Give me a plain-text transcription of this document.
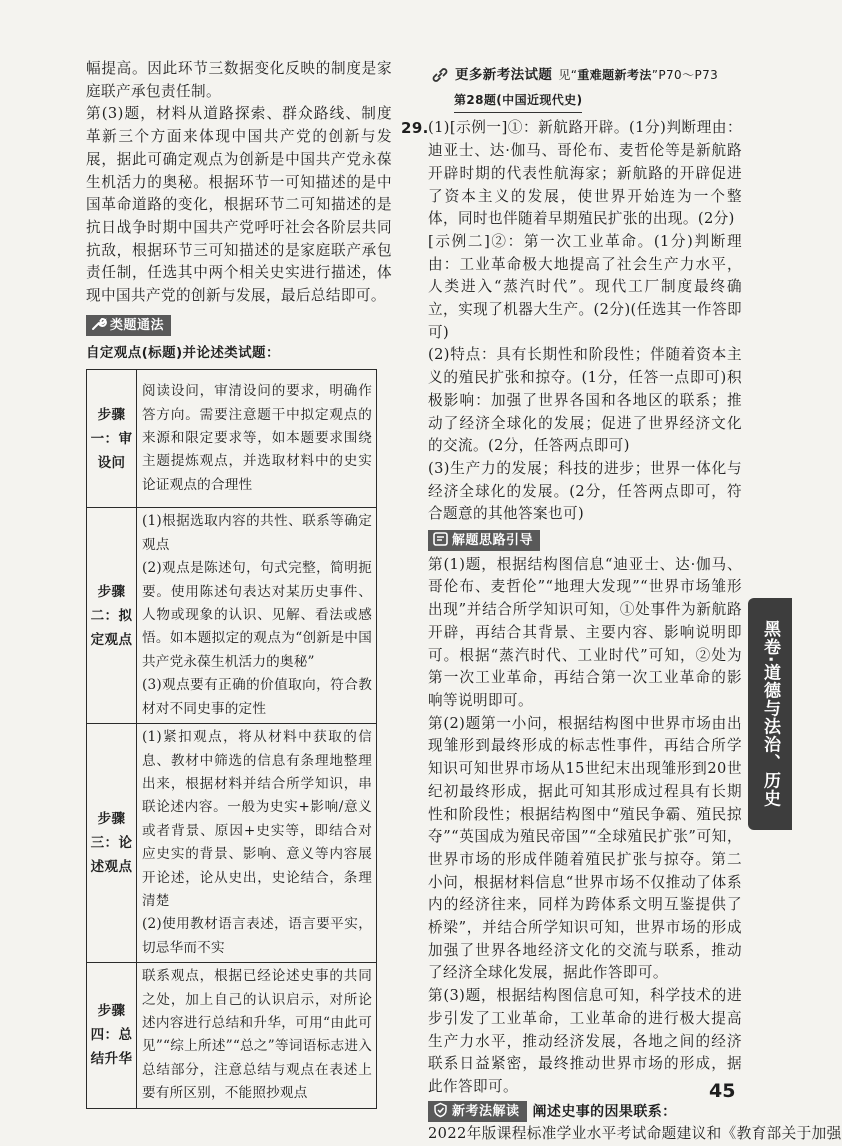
幅提高。因此环节三数据变化反映的制度是家庭联产承包责任制。

第(3)题，材料从道路探索、群众路线、制度革新三个方面来体现中国共产党的创新与发展，据此可确定观点为创新是中国共产党永葆生机活力的奥秘。根据环节一可知描述的是中国革命道路的变化，根据环节二可知描述的是抗日战争时期中国共产党呼吁社会各阶层共同抗敌，根据环节三可知描述的是家庭联产承包责任制，任选其中两个相关史实进行描述，体现中国共产党的创新与发展，最后总结即可。

类题通法
自定观点(标题)并论述类试题：
步骤一：审设问	阅读设问，审清设问的要求，明确作答方向。需要注意题干中拟定观点的来源和限定要求等，如本题要求围绕主题提炼观点，并选取材料中的史实论证观点的合理性

步骤二：拟定观点	(1)根据选取内容的共性、联系等确定观点
(2)观点是陈述句，句式完整，简明扼要。使用陈述句表达对某历史事件、人物或现象的认识、见解、看法或感悟。如本题拟定的观点为“创新是中国共产党永葆生机活力的奥秘”
(3)观点要有正确的价值取向，符合教材对不同史事的定性

步骤三：论述观点	(1)紧扣观点，将从材料中获取的信息、教材中筛选的信息有条理地整理出来，根据材料并结合所学知识，串联论述内容。一般为史实+影响/意义或者背景、原因+史实等，即结合对应史实的背景、影响、意义等内容展开论述，论从史出，史论结合，条理清楚
(2)使用教材语言表述，语言要平实，切忌华而不实

步骤四：总结升华	联系观点，根据已经论述史事的共同之处，加上自己的认识启示，对所论述内容进行总结和升华，可用“由此可见”“综上所述”“总之”等词语标志进入总结部分，注意总结与观点在表述上要有所区别，不能照抄观点
更多新考法试题 见“重难题新考法”P70～P73
第28题(中国近现代史)
29. (1)[示例一]①：新航路开辟。(1分)判断理由：迪亚士、达·伽马、哥伦布、麦哲伦等是新航路开辟时期的代表性航海家；新航路的开辟促进了资本主义的发展，使世界开始连为一个整体，同时也伴随着早期殖民扩张的出现。(2分)

[示例二]②：第一次工业革命。(1分)判断理由：工业革命极大地提高了社会生产力水平，人类进入“蒸汽时代”。现代工厂制度最终确立，实现了机器大生产。(2分)(任选其一作答即可)

(2)特点：具有长期性和阶段性；伴随着资本主义的殖民扩张和掠夺。(1分，任答一点即可)积极影响：加强了世界各国和各地区的联系；推动了经济全球化的发展；促进了世界经济文化的交流。(2分，任答两点即可)

(3)生产力的发展；科技的进步；世界一体化与经济全球化的发展。(2分，任答两点即可，符合题意的其他答案也可)

解题思路引导

第(1)题，根据结构图信息“迪亚士、达·伽马、哥伦布、麦哲伦”“地理大发现”“世界市场雏形出现”并结合所学知识可知，①处事件为新航路开辟，再结合其背景、主要内容、影响说明即可。根据“蒸汽时代、工业时代”可知，②处为第一次工业革命，再结合第一次工业革命的影响等说明即可。

第(2)题第一小问，根据结构图中世界市场由出现雏形到最终形成的标志性事件，再结合所学知识可知世界市场从15世纪末出现雏形到20世纪初最终形成，据此可知其形成过程具有长期性和阶段性；根据结构图中“殖民争霸、殖民掠夺”“英国成为殖民帝国”“全球殖民扩张”可知，世界市场的形成伴随着殖民扩张与掠夺。第二小问，根据材料信息“世界市场不仅推动了体系内的经济往来，同样为跨体系文明互鉴提供了桥梁”，并结合所学知识可知，世界市场的形成加强了世界各地经济文化的交流与联系，推动了经济全球化发展，据此作答即可。

第(3)题，根据结构图信息可知，科学技术的进步引发了工业革命，工业革命的进行极大提高生产力水平，推动经济发展，各地之间的经济联系日益紧密，最终推动世界市场的形成，据此作答即可。

新考法解读 阐述史事的因果联系：

2022年版课程标准学业水平考试命题建议和《教育部关于加强

黑卷·道德与法治、历史
45
